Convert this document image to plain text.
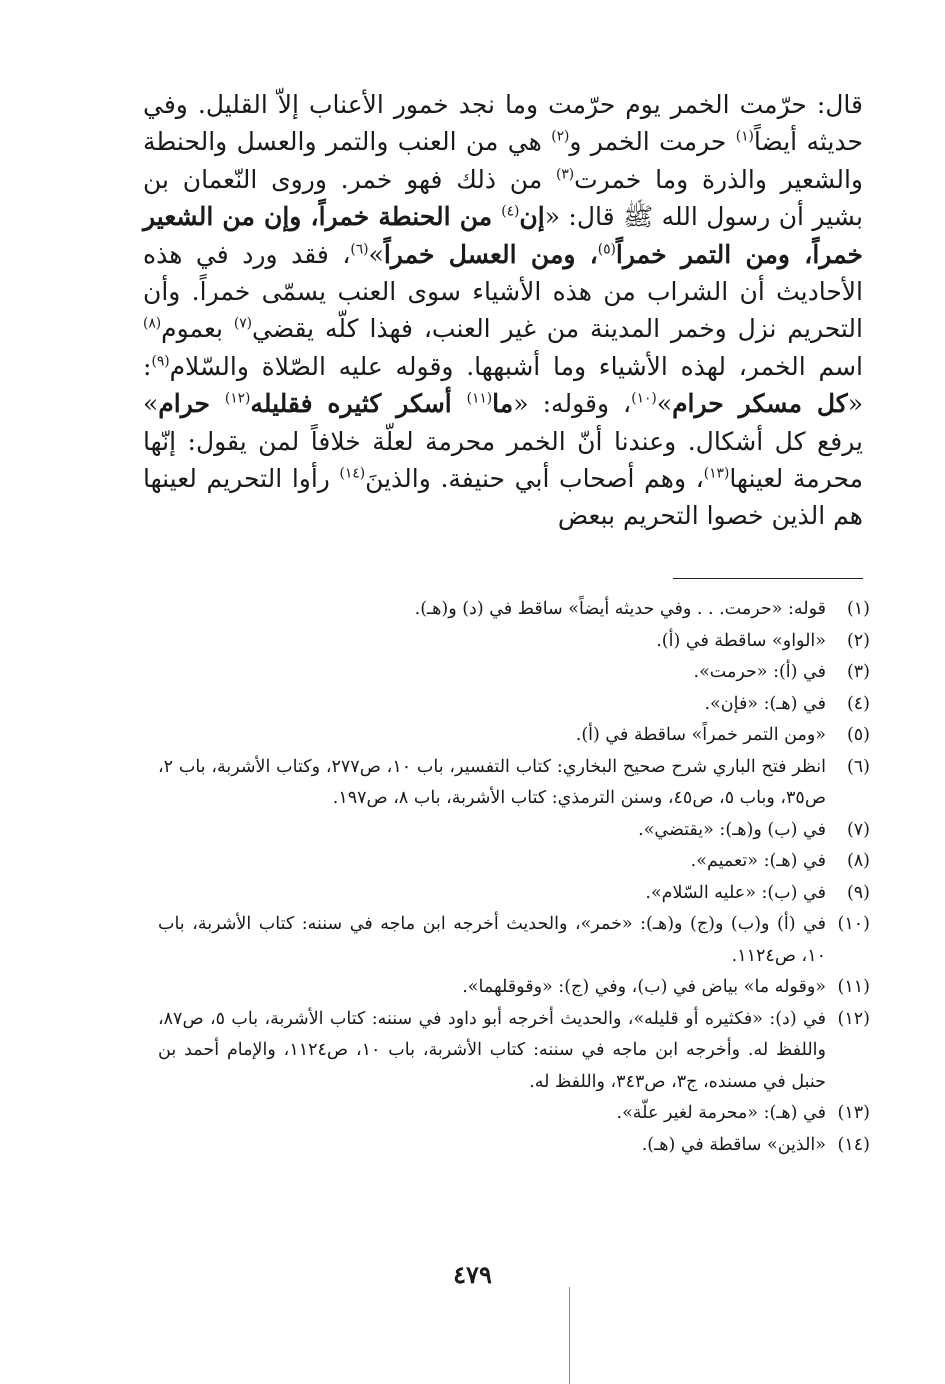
قال: حرّمت الخمر يوم حرّمت وما نجد خمور الأعناب إلاّ القليل. وفي حديثه أيضاً$^{(١)}$ حرمت الخمر و$^{(٢)}$ هي من العنب والتمر والعسل والحنطة والشعير والذرة وما خمرت$^{(٣)}$ من ذلك فهو خمر. وروى النّعمان بن بشير أن رسول الله ﷺ قال: «إن$^{(٤)}$ من الحنطة خمراً، وإن من الشعير خمراً، ومن التمر خمراً$^{(٥)}$، ومن العسل خمراً»$^{(٦)}$، فقد ورد في هذه الأحاديث أن الشراب من هذه الأشياء سوى العنب يسمّى خمراً. وأن التحريم نزل وخمر المدينة من غير العنب، فهذا كلّه يقضي$^{(٧)}$ بعموم$^{(٨)}$ اسم الخمر، لهذه الأشياء وما أشبهها. وقوله عليه الصّلاة والسّلام$^{(٩)}$: «كل مسكر حرام»$^{(١٠)}$، وقوله: «ما$^{(١١)}$ أسكر كثيره فقليله$^{(١٢)}$ حرام» يرفع كل أشكال. وعندنا أنّ الخمر محرمة لعلّة خلافاً لمن يقول: إنّها محرمة لعينها$^{(١٣)}$، وهم أصحاب أبي حنيفة. والذينَ$^{(١٤)}$ رأوا التحريم لعينها هم الذين خصوا التحريم ببعض

(١)
قوله: «حرمت. . . وفي حديثه أيضاً» ساقط في (د) و(هـ).
(٢)
«الواو» ساقطة في (أ).
(٣)
في (أ): «حرمت».
(٤)
في (هـ): «فإن».
(٥)
«ومن التمر خمراً» ساقطة في (أ).
(٦)
انظر فتح الباري شرح صحيح البخاري: كتاب التفسير، باب ١٠، ص٢٧٧، وكتاب الأشربة، باب ٢، ص٣٥، وباب ٥، ص٤٥، وسنن الترمذي: كتاب الأشربة، باب ٨، ص١٩٧.
(٧)
في (ب) و(هـ): «يقتضي».
(٨)
في (هـ): «تعميم».
(٩)
في (ب): «عليه السّلام».
(١٠)
في (أ) و(ب) و(ج) و(هـ): «خمر»، والحديث أخرجه ابن ماجه في سننه: كتاب الأشربة، باب ١٠، ص١١٢٤.
(١١)
«وقوله ما» بياض في (ب)، وفي (ج): «وقوقلهما».
(١٢)
في (د): «فكثيره أو قليله»، والحديث أخرجه أبو داود في سننه: كتاب الأشربة، باب ٥، ص٨٧، واللفظ له. وأخرجه ابن ماجه في سننه: كتاب الأشربة، باب ١٠، ص١١٢٤، والإمام أحمد بن حنبل في مسنده، ج٣، ص٣٤٣، واللفظ له.
(١٣)
في (هـ): «محرمة لغير علّة».
(١٤)
«الذين» ساقطة في (هـ).
٤٧٩
